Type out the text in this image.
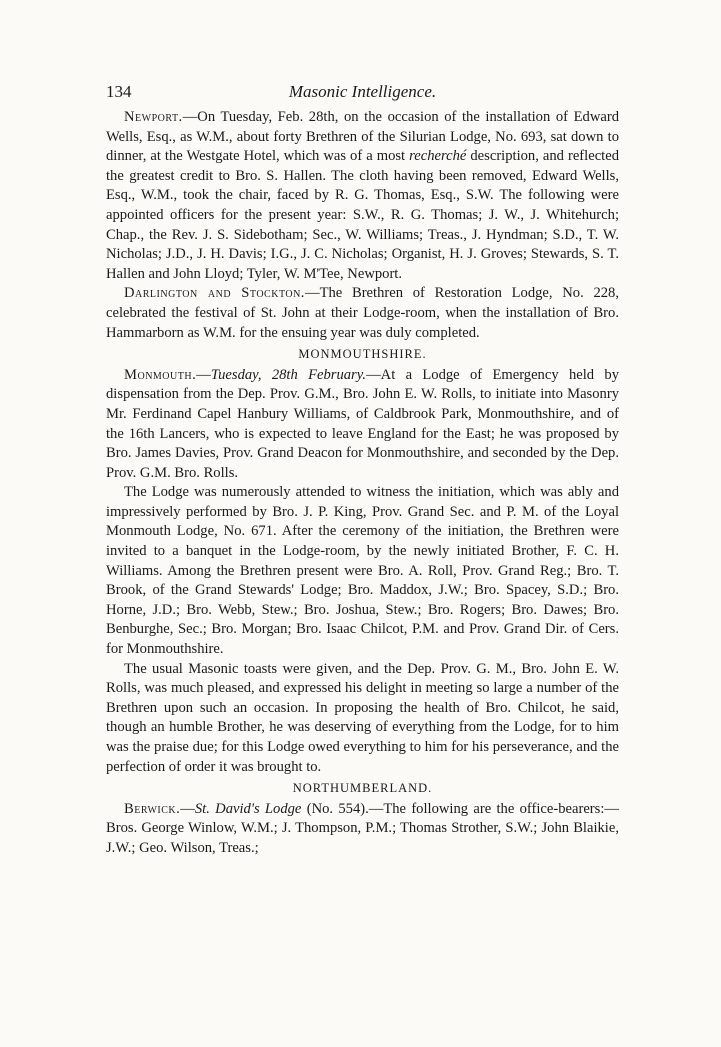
134	Masonic Intelligence.

Newport.—On Tuesday, Feb. 28th, on the occasion of the installation of Edward Wells, Esq., as W.M., about forty Brethren of the Silurian Lodge, No. 693, sat down to dinner, at the Westgate Hotel, which was of a most recherché description, and reflected the greatest credit to Bro. S. Hallen. The cloth having been removed, Edward Wells, Esq., W.M., took the chair, faced by R. G. Thomas, Esq., S.W. The following were appointed officers for the present year: S.W., R. G. Thomas; J. W., J. Whitehurch; Chap., the Rev. J. S. Sidebotham; Sec., W. Williams; Treas., J. Hyndman; S.D., T. W. Nicholas; J.D., J. H. Davis; I.G., J. C. Nicholas; Organist, H. J. Groves; Stewards, S. T. Hallen and John Lloyd; Tyler, W. M'Tee, Newport.

Darlington and Stockton.—The Brethren of Restoration Lodge, No. 228, celebrated the festival of St. John at their Lodge-room, when the installation of Bro. Hammarborn as W.M. for the ensuing year was duly completed.

MONMOUTHSHIRE.

Monmouth.—Tuesday, 28th February.—At a Lodge of Emergency held by dispensation from the Dep. Prov. G.M., Bro. John E. W. Rolls, to initiate into Masonry Mr. Ferdinand Capel Hanbury Williams, of Caldbrook Park, Monmouthshire, and of the 16th Lancers, who is expected to leave England for the East; he was proposed by Bro. James Davies, Prov. Grand Deacon for Monmouthshire, and seconded by the Dep. Prov. G.M. Bro. Rolls.

The Lodge was numerously attended to witness the initiation, which was ably and impressively performed by Bro. J. P. King, Prov. Grand Sec. and P. M. of the Loyal Monmouth Lodge, No. 671. After the ceremony of the initiation, the Brethren were invited to a banquet in the Lodge-room, by the newly initiated Brother, F. C. H. Williams. Among the Brethren present were Bro. A. Roll, Prov. Grand Reg.; Bro. T. Brook, of the Grand Stewards' Lodge; Bro. Maddox, J.W.; Bro. Spacey, S.D.; Bro. Horne, J.D.; Bro. Webb, Stew.; Bro. Joshua, Stew.; Bro. Rogers; Bro. Dawes; Bro. Benburghe, Sec.; Bro. Morgan; Bro. Isaac Chilcot, P.M. and Prov. Grand Dir. of Cers. for Monmouthshire.

The usual Masonic toasts were given, and the Dep. Prov. G. M., Bro. John E. W. Rolls, was much pleased, and expressed his delight in meeting so large a number of the Brethren upon such an occasion. In proposing the health of Bro. Chilcot, he said, though an humble Brother, he was deserving of everything from the Lodge, for to him was the praise due; for this Lodge owed everything to him for his perseverance, and the perfection of order it was brought to.

NORTHUMBERLAND.

Berwick.—St. David's Lodge (No. 554).—The following are the office-bearers:—Bros. George Winlow, W.M.; J. Thompson, P.M.; Thomas Strother, S.W.; John Blaikie, J.W.; Geo. Wilson, Treas.;
